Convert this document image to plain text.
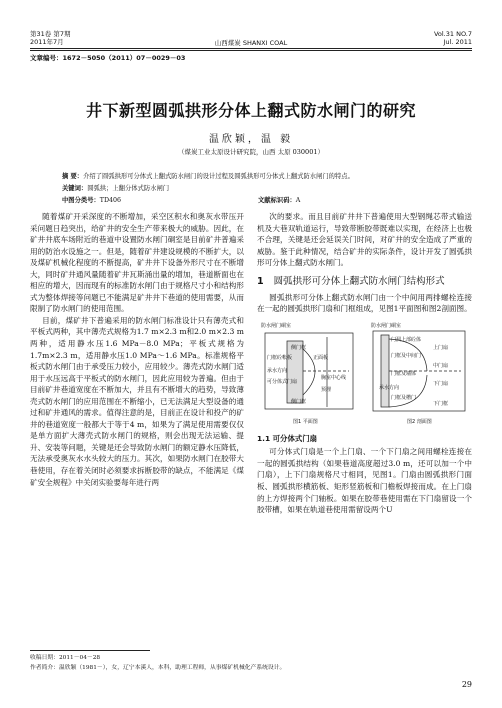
第31卷 第7期
2011年7月	山西煤炭 SHANXI COAL
Vol.31 NO.7
Jul. 2011
文章编号：1672－5050（2011）07－0029－03
井下新型圆弧拱形分体上翻式防水闸门的研究
温欣颖，温 毅
（煤炭工业太原设计研究院，山西 太原 030001）
摘 要：介绍了圆弧拱形可分体式上翻式防水闸门的设计过程及圆弧拱形可分体式上翻式防水闸门的特点。
关键词：圆弧拱；上翻分体式防水闸门
中图分类号：TD406	文献标识码：A

随着煤矿开采深度的不断增加，采空区积水和奥灰水带压开采问题日趋突出，给矿井的安全生产带来极大的威胁。因此，在矿井井底车场附近的巷道中设置防水闸门硐室是目前矿井普遍采用的防治水设施之一。但是，随着矿井建设规模的不断扩大，以及煤矿机械化程度的不断提高，矿井井下设备外形尺寸在不断增大，同时矿井通风量随着矿井瓦斯涌出量的增加，巷道断面也在相应的增大，因而现有的标准防水闸门由于规格尺寸小和结构形式为整体焊接等问题已不能满足矿井井下巷道的使用需要，从而限制了防水闸门的使用范围。

目前，煤矿井下普遍采用的防水闸门标准设计只有薄壳式和平板式两种，其中薄壳式规格为1.7 m×2.3 m和2.0 m×2.3 m两种，适用静水压1.6 MPa－8.0 MPa；平板式规格为1.7m×2.3 m，适用静水压1.0 MPa～1.6 MPa。标准规格平板式防水闸门由于承受压力较小，应用较少。薄壳式防水闸门适用于水压远高于平板式的防水闸门，因此应用较为普遍。但由于目前矿井巷道宽度在不断加大，并且有不断增大的趋势，导致薄壳式防水闸门的应用范围在不断缩小，已无法满足大型设备的通过和矿井通风的需求。值得注意的是，目前正在设计和投产的矿井的巷道宽度一般都大于等于4 m，如果为了满足使用需要仅仅是单方面扩大薄壳式防水闸门的规格，则会出现无法运输、提升、安装等问题，关键是还会导致防水闸门的额定静水压降低，无法承受奥灰水水头较大的压力。其次，如果防水闸门在胶带大巷使用，存在着关闭时必须要求拆断胶带的缺点，不能满足《煤矿安全规程》中关闭实验要每年进行两

次的要求。而且目前矿井井下普遍使用大型钢绳芯带式输送机及大巷双轨道运行，导致带断胶带既难以实现，在经济上也极不合理，关键是还会延误关门时间，对矿井的安全造成了严重的威胁。鉴于此种情况，结合矿井的实际条件，设计开发了圆弧拱形可分体上翻式防水闸门。

1 圆弧拱形可分体上翻式防水闸门结构形式

圆弧拱形可分体上翻式防水闸门由一个中间用两排螺栓连接在一起的圆弧拱形门扇和门框组成，见图1平面图和图2剖面图。

防水闸门硐室
侧门框
门框砼帐板
承水方向
可分体式门扇
正面板
侧门框
胸室中心线
预埋
图1 平面图
防水闸门硐室
门洞上部砼体
上门扇
门框及中间门
中门扇
门框及墙体
下门扇
承水方向
门框及槽门
下门框
图2 剖面图
1.1 可分体式门扇

可分体式门扇是一个上门扇、一个下门扇之间用螺栓连接在一起的圆弧拱结构（如果巷道高度超过3.0 m，还可以加一个中门扇），上下门扇规格尺寸相同，见图1。门扇由圆弧拱形门面板、圆弧拱形横筋板、矩形竖筋板和门檐板焊接而成。在上门扇的上方焊接两个门轴板。如果在胶带巷使用需在下门扇留设一个胶带槽，如果在轨道巷使用需留设两个U

收稿日期：2011－04－28
作者简介：温欣颖（1981－），女，辽宁本溪人，本科，助理工程师，从事煤矿机械化产系统设计。
29
